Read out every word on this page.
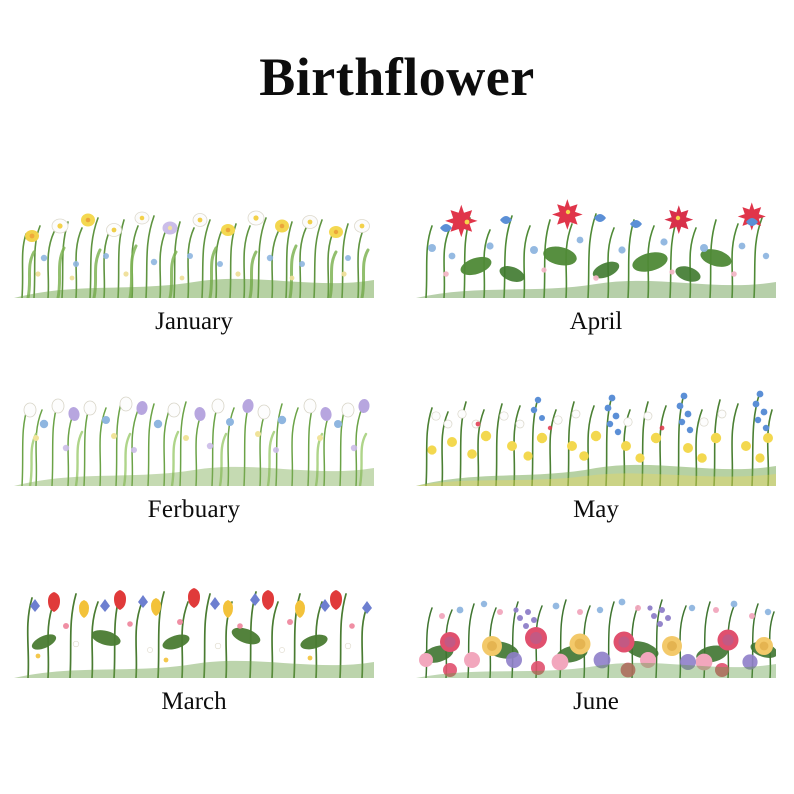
Birthflower
January	April
Ferbuary	May
March	June
